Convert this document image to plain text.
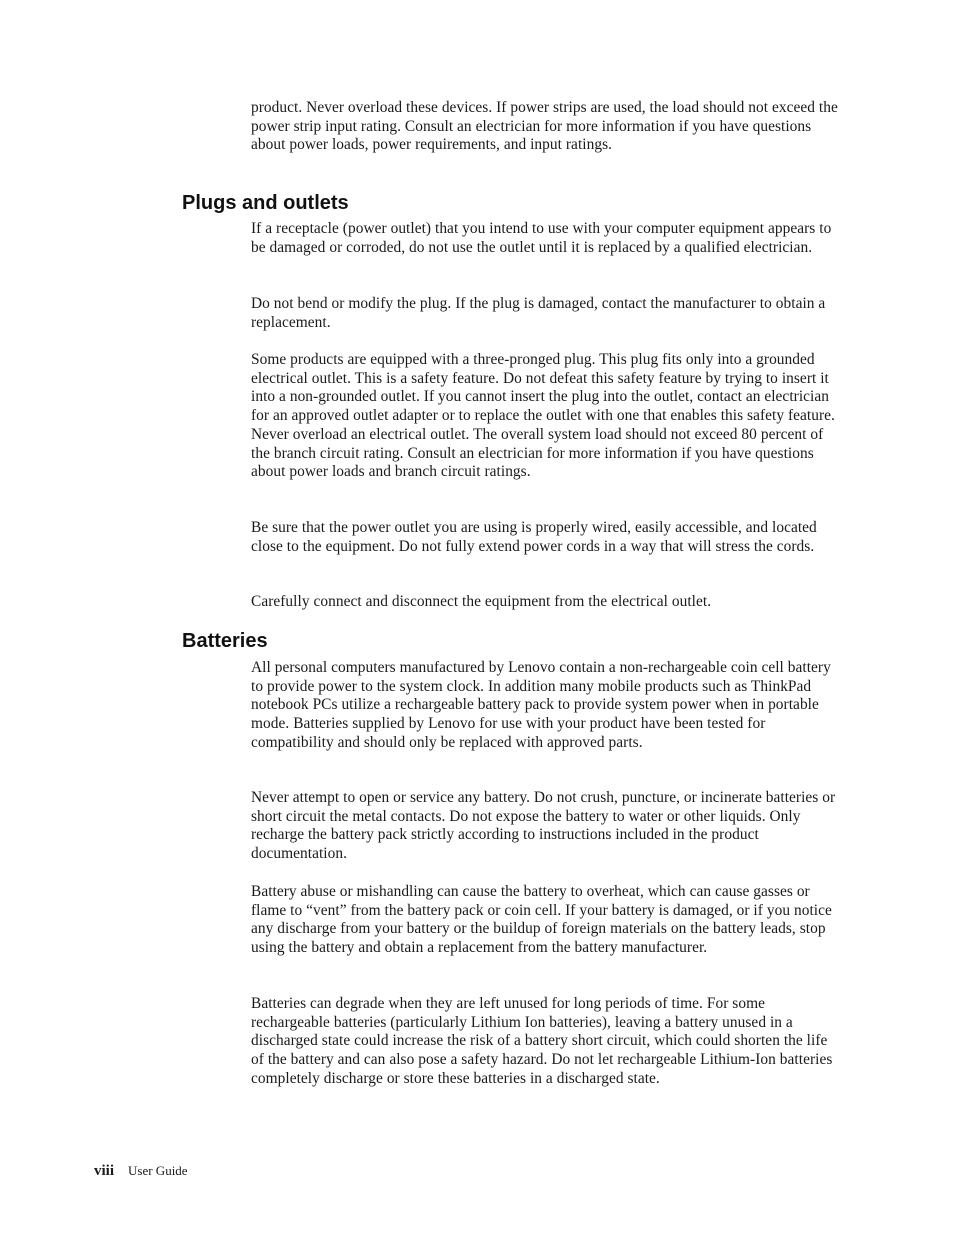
product. Never overload these devices. If power strips are used, the load should not exceed the power strip input rating. Consult an electrician for more information if you have questions about power loads, power requirements, and input ratings.

Plugs and outlets

If a receptacle (power outlet) that you intend to use with your computer equipment appears to be damaged or corroded, do not use the outlet until it is replaced by a qualified electrician.

Do not bend or modify the plug. If the plug is damaged, contact the manufacturer to obtain a replacement.

Some products are equipped with a three-pronged plug. This plug fits only into a grounded electrical outlet. This is a safety feature. Do not defeat this safety feature by trying to insert it into a non-grounded outlet. If you cannot insert the plug into the outlet, contact an electrician for an approved outlet adapter or to replace the outlet with one that enables this safety feature. Never overload an electrical outlet. The overall system load should not exceed 80 percent of the branch circuit rating. Consult an electrician for more information if you have questions about power loads and branch circuit ratings.

Be sure that the power outlet you are using is properly wired, easily accessible, and located close to the equipment. Do not fully extend power cords in a way that will stress the cords.

Carefully connect and disconnect the equipment from the electrical outlet.

Batteries

All personal computers manufactured by Lenovo contain a non-rechargeable coin cell battery to provide power to the system clock. In addition many mobile products such as ThinkPad notebook PCs utilize a rechargeable battery pack to provide system power when in portable mode. Batteries supplied by Lenovo for use with your product have been tested for compatibility and should only be replaced with approved parts.

Never attempt to open or service any battery. Do not crush, puncture, or incinerate batteries or short circuit the metal contacts. Do not expose the battery to water or other liquids. Only recharge the battery pack strictly according to instructions included in the product documentation.

Battery abuse or mishandling can cause the battery to overheat, which can cause gasses or flame to “vent” from the battery pack or coin cell. If your battery is damaged, or if you notice any discharge from your battery or the buildup of foreign materials on the battery leads, stop using the battery and obtain a replacement from the battery manufacturer.

Batteries can degrade when they are left unused for long periods of time. For some rechargeable batteries (particularly Lithium Ion batteries), leaving a battery unused in a discharged state could increase the risk of a battery short circuit, which could shorten the life of the battery and can also pose a safety hazard. Do not let rechargeable Lithium-Ion batteries completely discharge or store these batteries in a discharged state.

viii User Guide
